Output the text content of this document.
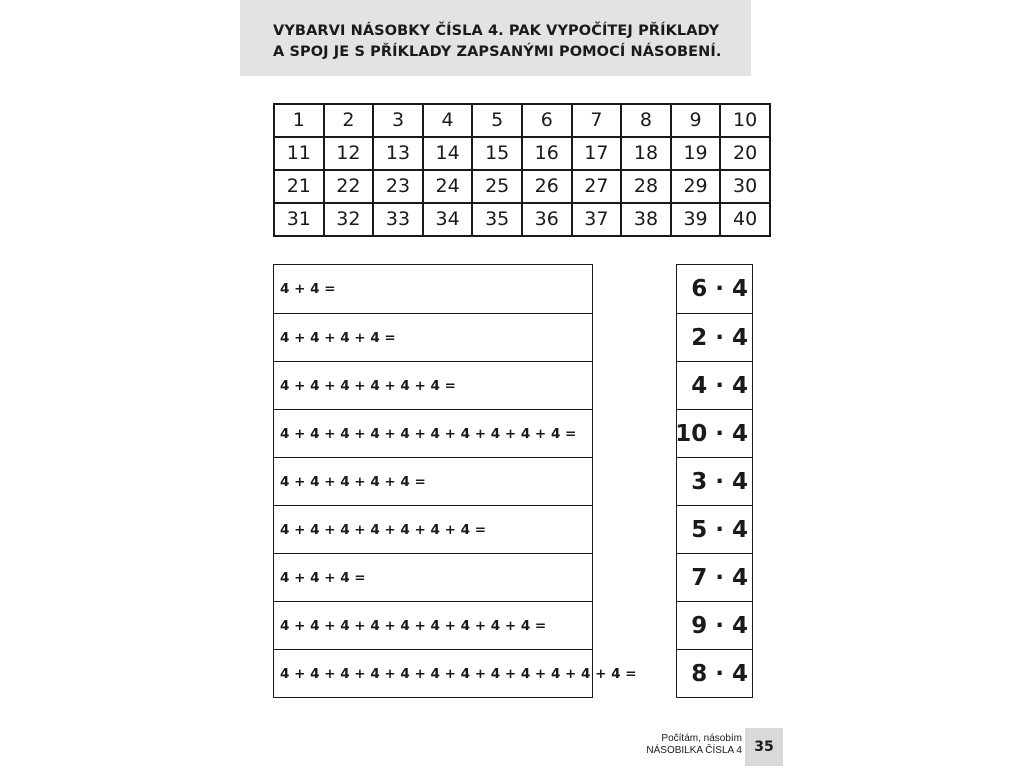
VYBARVI NÁSOBKY ČÍSLA 4. PAK VYPOČÍTEJ PŘÍKLADY
A SPOJ JE S PŘÍKLADY ZAPSANÝMI POMOCÍ NÁSOBENÍ.
1	2	3	4	5	6	7	8	9	10
11	12	13	14	15	16	17	18	19	20
21	22	23	24	25	26	27	28	29	30
31	32	33	34	35	36	37	38	39	40
4 + 4 =
4 + 4 + 4 + 4 =
4 + 4 + 4 + 4 + 4 + 4 =
4 + 4 + 4 + 4 + 4 + 4 + 4 + 4 + 4 + 4 =
4 + 4 + 4 + 4 + 4 =
4 + 4 + 4 + 4 + 4 + 4 + 4 =
4 + 4 + 4 =
4 + 4 + 4 + 4 + 4 + 4 + 4 + 4 + 4 =
4 + 4 + 4 + 4 + 4 + 4 + 4 + 4 + 4 + 4 + 4 + 4 =
6 · 4
2 · 4
4 · 4
10 · 4
3 · 4
5 · 4
7 · 4
9 · 4
8 · 4
Počítám, násobím
NÁSOBILKA ČÍSLA 4 35
